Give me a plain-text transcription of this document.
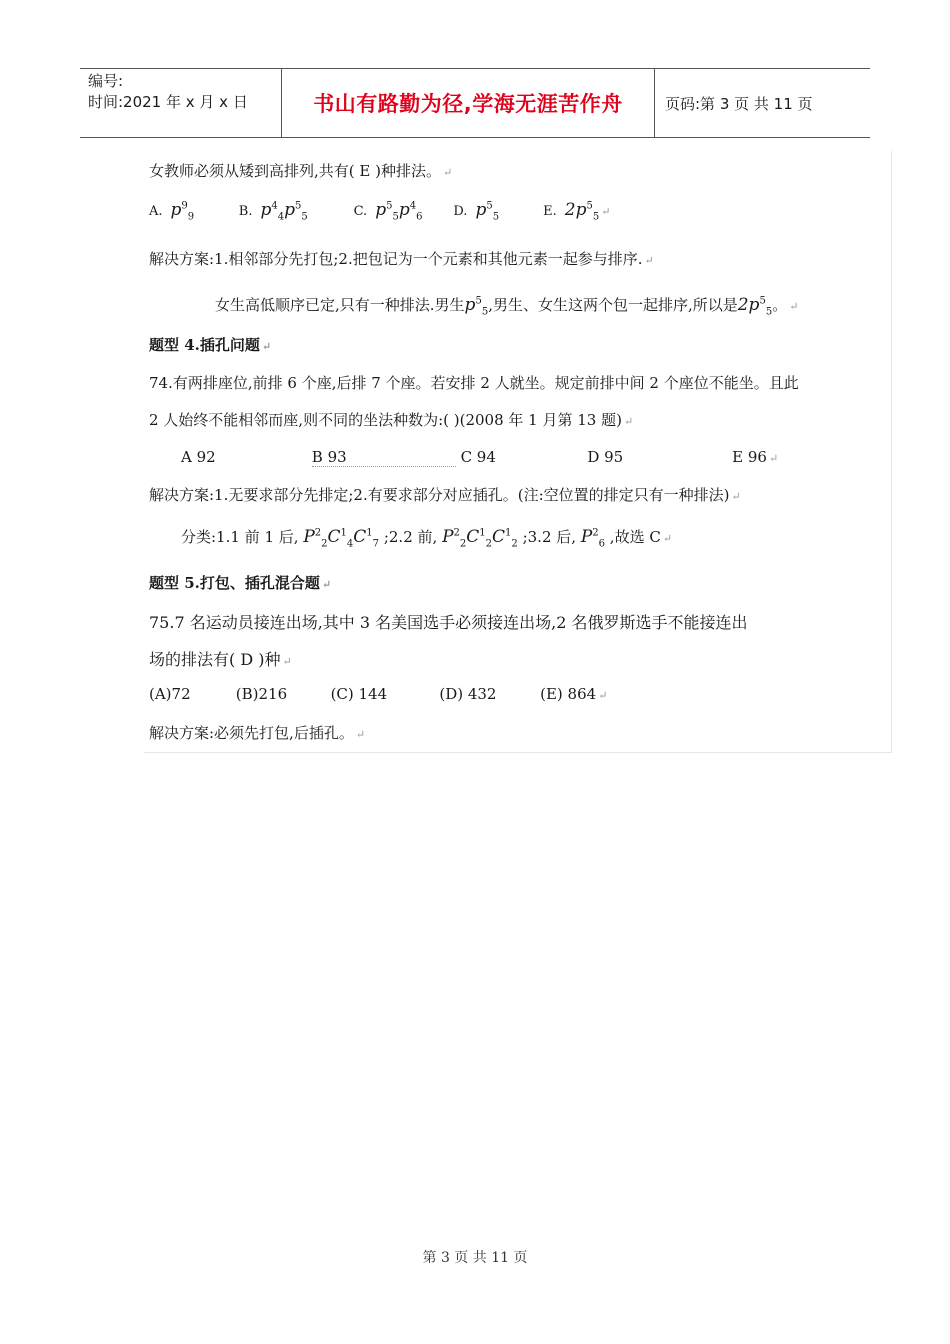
编号:
时间:2021 年 x 月 x 日	书山有路勤为径,学海无涯苦作舟	页码:第 3 页 共 11 页
女教师必须从矮到高排列,共有( E )种排法。 ↵
A. $p^9_9$	B. $p^4_4p^5_5$	C. $p^5_5p^4_6$ D. $p^5_5$	E. $2p^5_5$ ↵
解决方案:1.相邻部分先打包;2.把包记为一个元素和其他元素一起参与排序. ↵
女生高低顺序已定,只有一种排法.男生$p^5_5$,男生、女生这两个包一起排序,所以是$2p^5_5$。 ↵
题型 4.插孔问题 ↵
74.有两排座位,前排 6 个座,后排 7 个座。若安排 2 人就坐。规定前排中间 2 个座位不能坐。且此
2 人始终不能相邻而座,则不同的坐法种数为:( )(2008 年 1 月第 13 题) ↵
A 92	B 93	C 94	D 95	E 96 ↵
解决方案:1.无要求部分先排定;2.有要求部分对应插孔。(注:空位置的排定只有一种排法) ↵
分类:1.1 前 1 后, $P^2_2C^1_4C^1_7$ ;2.2 前, $P^2_2C^1_2C^1_2$ ;3.2 后, $P^2_6$ ,故选 C ↵
题型 5.打包、插孔混合题 ↵
75.7 名运动员接连出场,其中 3 名美国选手必须接连出场,2 名俄罗斯选手不能接连出
场的排法有( D )种 ↵
(A)72	(B)216	(C) 144	(D) 432	(E) 864 ↵
解决方案:必须先打包,后插孔。 ↵
第 3 页 共 11 页
